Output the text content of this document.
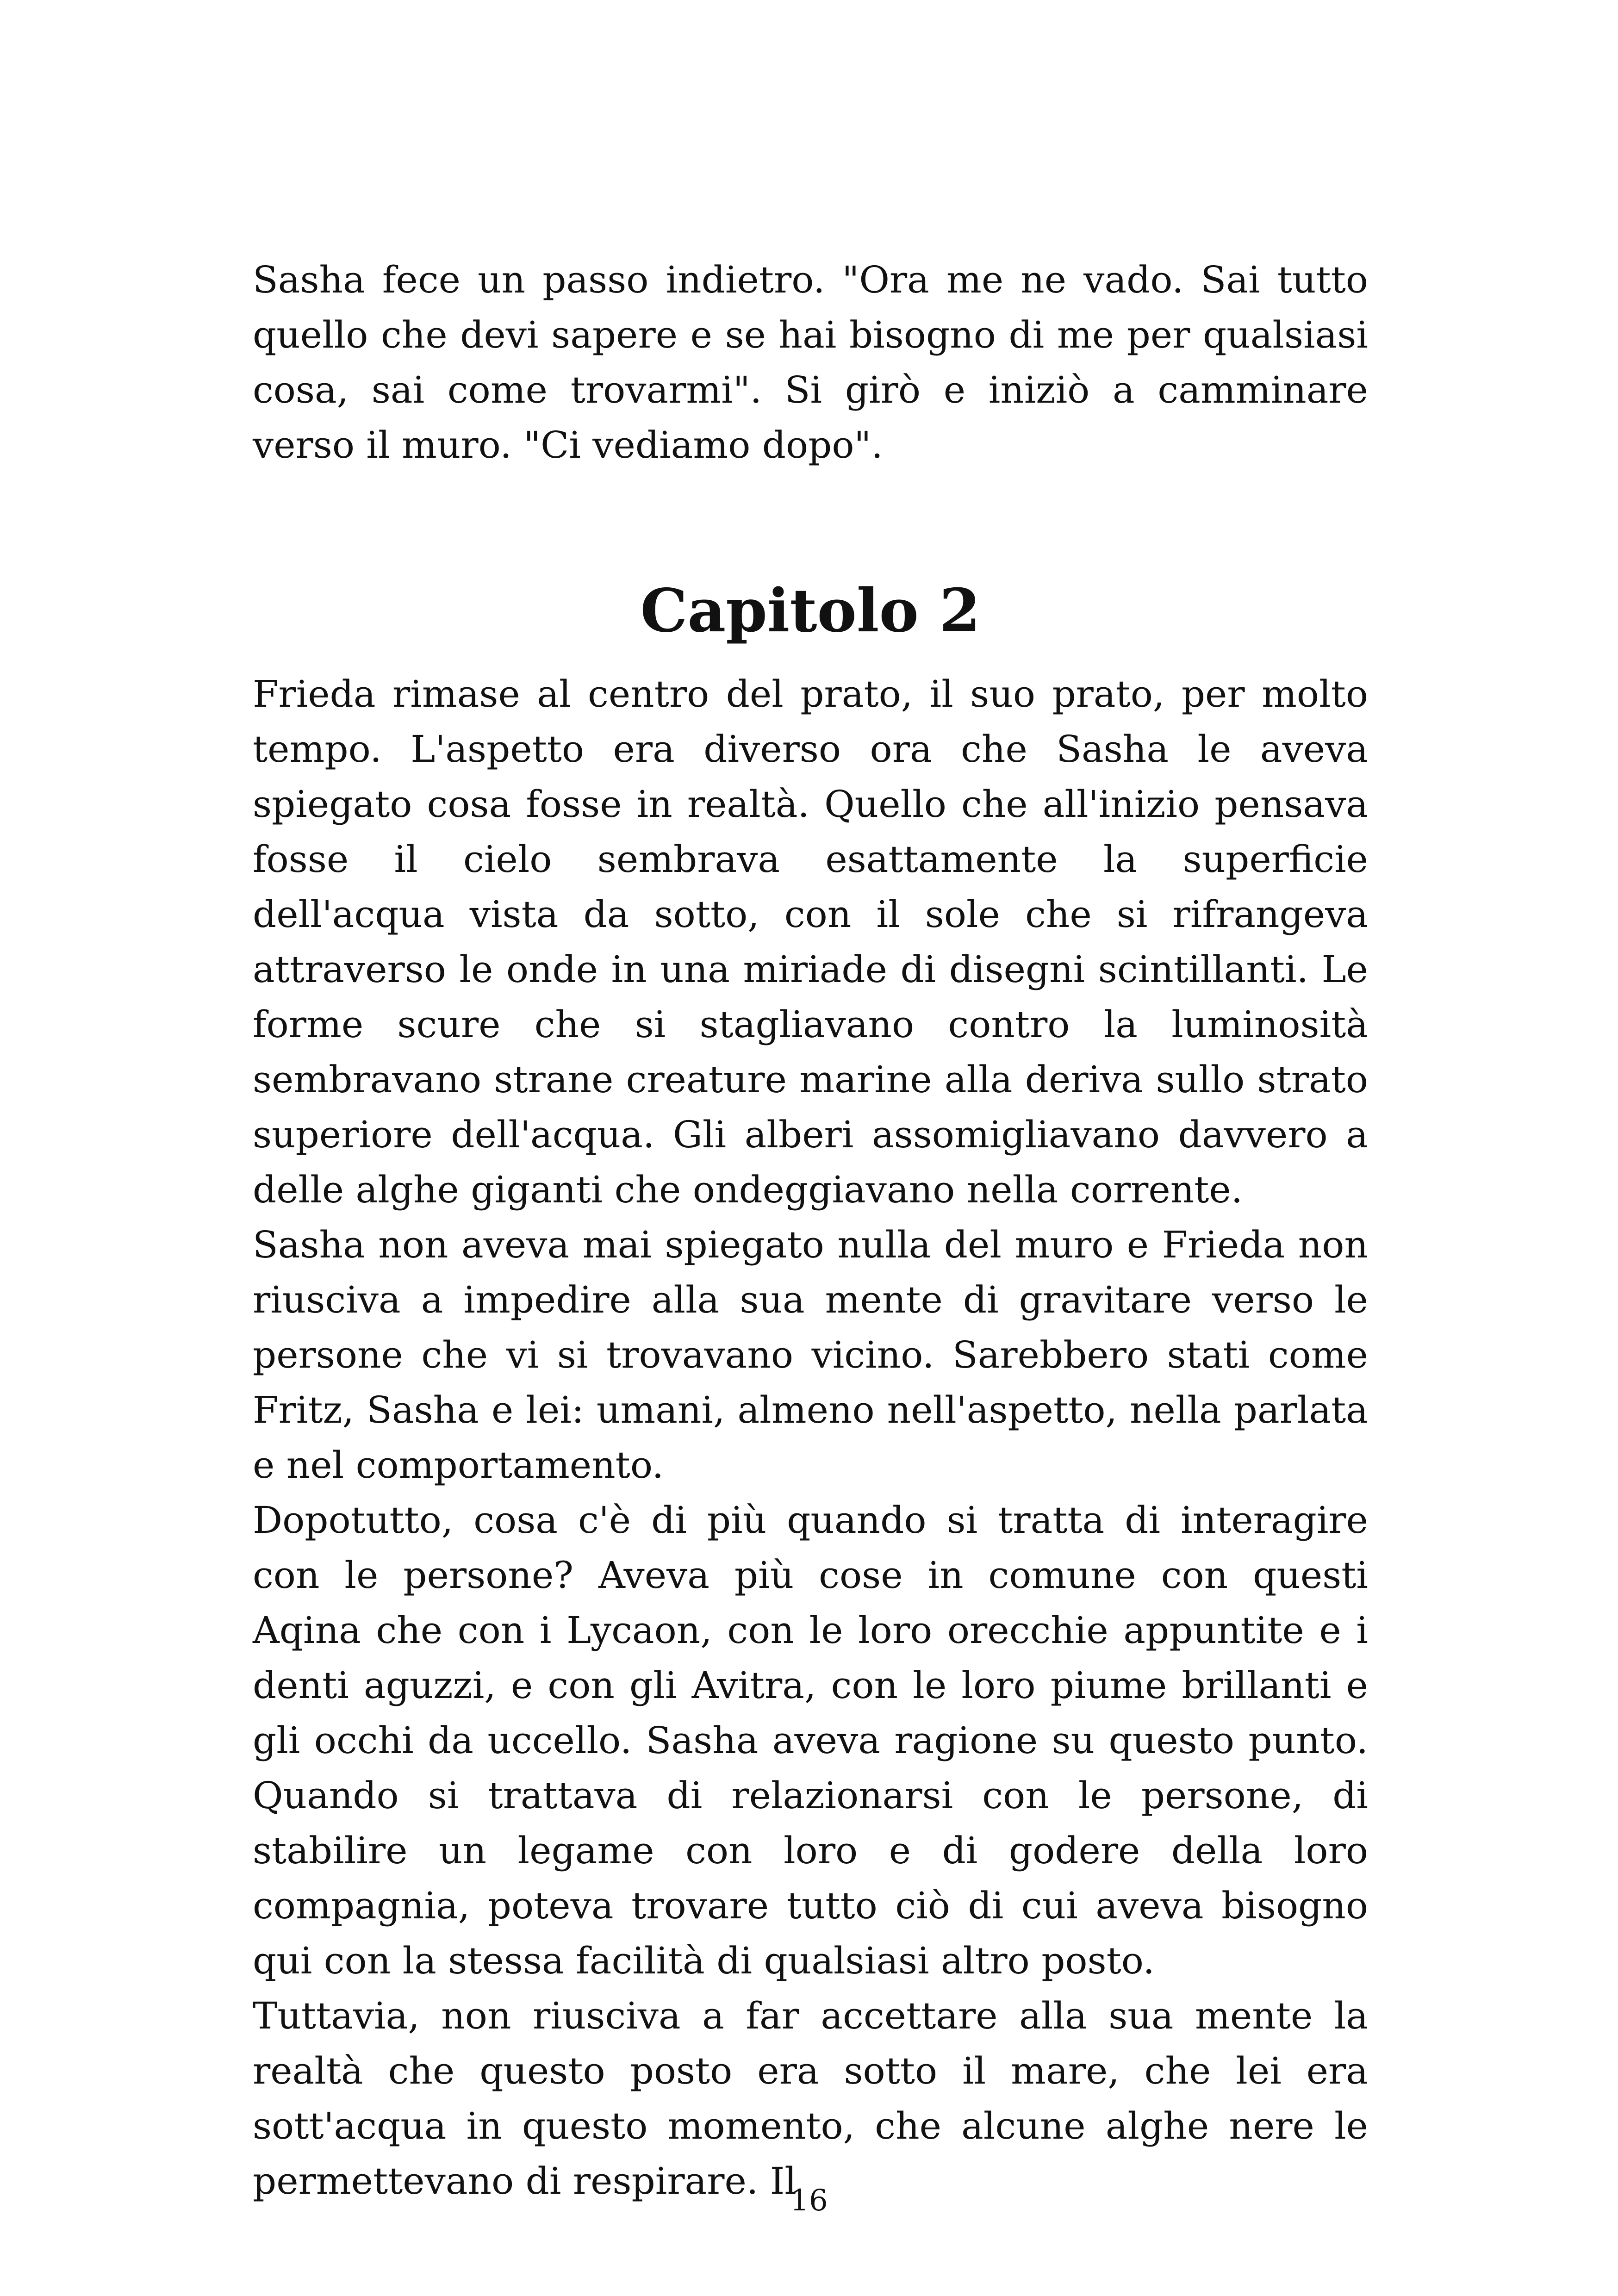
Sasha fece un passo indietro. "Ora me ne vado. Sai tutto quello che devi sapere e se hai bisogno di me per qualsiasi cosa, sai come trovarmi". Si girò e iniziò a camminare verso il muro. "Ci vediamo dopo".

Capitolo 2

Frieda rimase al centro del prato, il suo prato, per molto tempo. L'aspetto era diverso ora che Sasha le aveva spiegato cosa fosse in realtà. Quello che all'inizio pensava fosse il cielo sembrava esattamente la superficie dell'acqua vista da sotto, con il sole che si rifrangeva attraverso le onde in una miriade di disegni scintillanti. Le forme scure che si stagliavano contro la luminosità sembravano strane creature marine alla deriva sullo strato superiore dell'acqua. Gli alberi assomigliavano davvero a delle alghe giganti che ondeggiavano nella corrente.

Sasha non aveva mai spiegato nulla del muro e Frieda non riusciva a impedire alla sua mente di gravitare verso le persone che vi si trovavano vicino. Sarebbero stati come Fritz, Sasha e lei: umani, almeno nell'aspetto, nella parlata e nel comportamento.

Dopotutto, cosa c'è di più quando si tratta di interagire con le persone? Aveva più cose in comune con questi Aqina che con i Lycaon, con le loro orecchie appuntite e i denti aguzzi, e con gli Avitra, con le loro piume brillanti e gli occhi da uccello. Sasha aveva ragione su questo punto. Quando si trattava di relazionarsi con le persone, di stabilire un legame con loro e di godere della loro compagnia, poteva trovare tutto ciò di cui aveva bisogno qui con la stessa facilità di qualsiasi altro posto.

Tuttavia, non riusciva a far accettare alla sua mente la realtà che questo posto era sotto il mare, che lei era sott'acqua in questo momento, che alcune alghe nere le permettevano di respirare. Il

16
